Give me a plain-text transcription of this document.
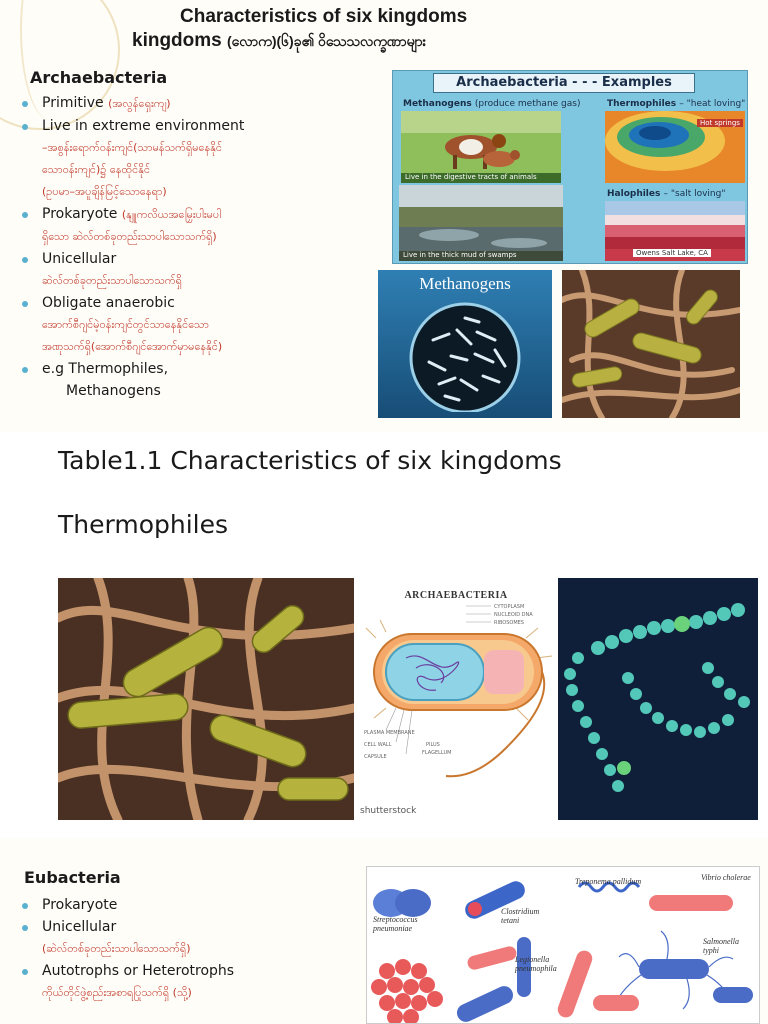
Characteristics of six kingdoms
kingdoms (လောက)(၆)ခု၏ ဝိသေသလက္ခဏာများ
Archaebacteria
Primitive (အလွန်ရှေးကျ)
Live in extreme environment
–အစွန်းရောက်ဝန်းကျင်(သာမန်သက်ရှိမနေနိုင်
သောဝန်းကျင်)၌ နေထိုင်နိုင်
(ဥပမာ–အပူချိန်မြင့်သောနေရာ)
Prokaryote (နျူကလိယအမြှေးပါးမပါ
ရှိသော ဆဲလ်တစ်ခုတည်းသာပါသောသက်ရှိ)
Unicellular
ဆဲလ်တစ်ခုတည်းသာပါသောသက်ရှိ
Obligate anaerobic
အောက်စီဂျင်မဲ့ဝန်းကျင်တွင်သာနေနိုင်သော
အဏုသက်ရှိ(အောက်စီဂျင်အောက်မှာမနေနိုင်)
e.g Thermophiles,
Methanogens
Archaebacteria - - - Examples
Methanogens (produce methane gas)
Live in the digestive tracts of animals
Thermophiles – "heat loving"
Hot springs
Live in the thick mud of swamps
Halophiles – "salt loving"
Owens Salt Lake, CA
Methanogens
Table1.1 Characteristics of six kingdoms
Thermophiles
ARCHAEBACTERIA
CYTOPLASM
NUCLEOID DNA
RIBOSOMES
PLASMA MEMBRANE
CELL WALL
CAPSULE
PILUS
FLAGELLUM
shutterstock
Eubacteria
Prokaryote
Unicellular
(ဆဲလ်တစ်ခုတည်းသာပါသောသက်ရှိ)
Autotrophs or Heterotrophs
ကိုယ်တိုင်ဖွဲ့စည်းအစာရပြုသက်ရှိ (သို့)
Treponema pallidum	Vibrio cholerae
Streptococcus pneumoniae
Clostridium tetani
Legionella pneumophila
Salmonella typhi
